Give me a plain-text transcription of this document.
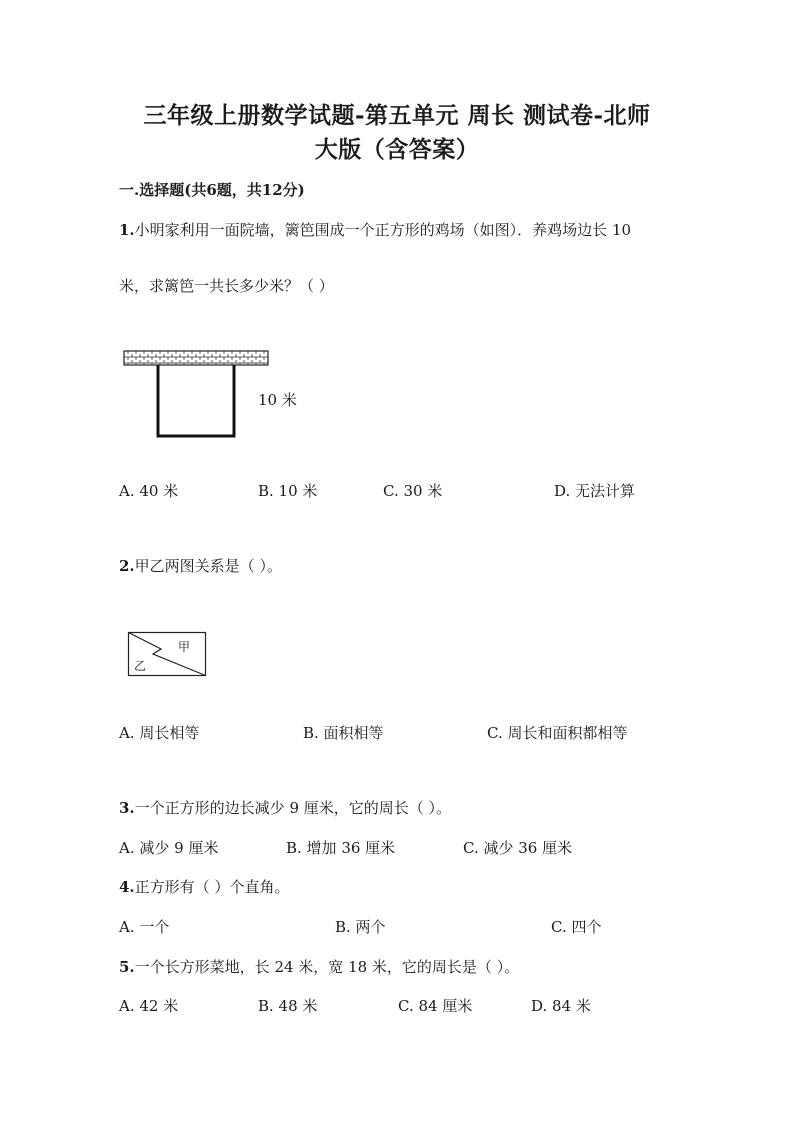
三年级上册数学试题-第五单元 周长 测试卷-北师
大版（含答案）
一.选择题(共6题，共12分)
1.小明家利用一面院墙，篱笆围成一个正方形的鸡场（如图）．养鸡场边长 10
米，求篱笆一共长多少米？（ ）
10 米
A. 40 米	B. 10 米	C. 30 米	D. 无法计算
2.甲乙两图关系是（ ）。
甲
乙
A. 周长相等	B. 面积相等	C. 周长和面积都相等
3.一个正方形的边长减少 9 厘米，它的周长（ ）。
A. 减少 9 厘米	B. 增加 36 厘米	C. 减少 36 厘米
4.正方形有（ ）个直角。
A. 一个	B. 两个	C. 四个
5.一个长方形菜地，长 24 米，宽 18 米，它的周长是（ ）。
A. 42 米	B. 48 米	C. 84 厘米	D. 84 米
